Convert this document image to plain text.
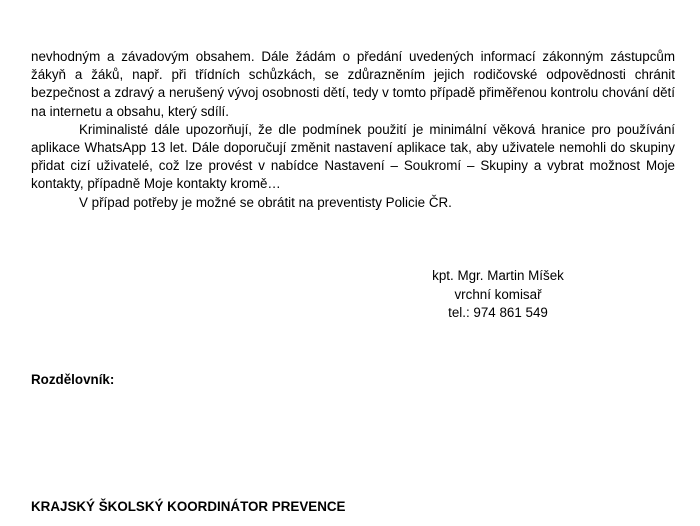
nevhodným a závadovým obsahem. Dále žádám o předání uvedených informací zákonným zástupcům žákyň a žáků, např. při třídních schůzkách, se zdůrazněním jejich rodičovské odpovědnosti chránit bezpečnost a zdravý a nerušený vývoj osobnosti dětí, tedy v tomto případě přiměřenou kontrolu chování dětí na internetu a obsahu, který sdílí.

Kriminalisté dále upozorňují, že dle podmínek použití je minimální věková hranice pro používání aplikace WhatsApp 13 let. Dále doporučují změnit nastavení aplikace tak, aby uživatele nemohli do skupiny přidat cizí uživatelé, což lze provést v nabídce Nastavení – Soukromí – Skupiny a vybrat možnost Moje kontakty, případně Moje kontakty kromě…

V případ potřeby je možné se obrátit na preventisty Policie ČR.

kpt. Mgr. Martin Míšek
vrchní komisař
tel.: 974 861 549
Rozdělovník:
KRAJSKÝ ŠKOLSKÝ KOORDINÁTOR PREVENCE
